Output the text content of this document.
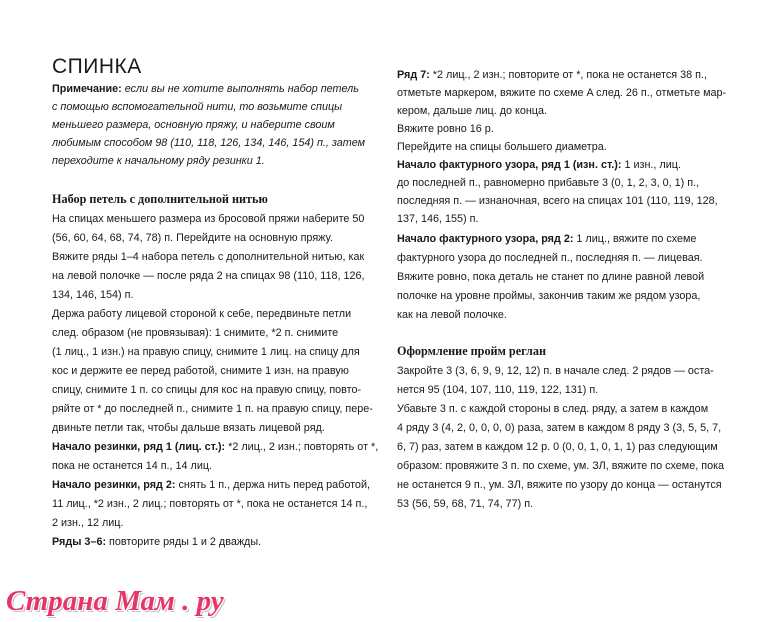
СПИНКА
Примечание: если вы не хотите выполнять набор петель
с помощью вспомогательной нити, то возьмите спицы
меньшего размера, основную пряжу, и наберите своим
любимым способом 98 (110, 118, 126, 134, 146, 154) п., затем
переходите к начальному ряду резинки 1.
Набор петель с дополнительной нитью
На спицах меньшего размера из бросовой пряжи наберите 50
(56, 60, 64, 68, 74, 78) п. Перейдите на основную пряжу.
Вяжите ряды 1–4 набора петель с дополнительной нитью, как
на левой полочке — после ряда 2 на спицах 98 (110, 118, 126,
134, 146, 154) п.
Держа работу лицевой стороной к себе, передвиньте петли
след. образом (не провязывая): 1 снимите, *2 п. снимите
(1 лиц., 1 изн.) на правую спицу, снимите 1 лиц. на спицу для
кос и держите ее перед работой, снимите 1 изн. на правую
спицу, снимите 1 п. со спицы для кос на правую спицу, повто-
ряйте от * до последней п., снимите 1 п. на правую спицу, пере-
двиньте петли так, чтобы дальше вязать лицевой ряд.
Начало резинки, ряд 1 (лиц. ст.): *2 лиц., 2 изн.; повторять от *,
пока не останется 14 п., 14 лиц.
Начало резинки, ряд 2: снять 1 п., держа нить перед работой,
11 лиц., *2 изн., 2 лиц.; повторять от *, пока не останется 14 п.,
2 изн., 12 лиц.
Ряды 3–6: повторите ряды 1 и 2 дважды.
Ряд 7: *2 лиц., 2 изн.; повторите от *, пока не останется 38 п.,
отметьте маркером, вяжите по схеме A след. 26 п., отметьте мар-
кером, дальше лиц. до конца.
Вяжите ровно 16 р.
Перейдите на спицы большего диаметра.
Начало фактурного узора, ряд 1 (изн. ст.): 1 изн., лиц.
до последней п., равномерно прибавьте 3 (0, 1, 2, 3, 0, 1) п.,
последняя п. — изнаночная, всего на спицах 101 (110, 119, 128,
137, 146, 155) п.
Начало фактурного узора, ряд 2: 1 лиц., вяжите по схеме
фактурного узора до последней п., последняя п. — лицевая.
Вяжите ровно, пока деталь не станет по длине равной левой
полочке на уровне проймы, закончив таким же рядом узора,
как на левой полочке.
Оформление пройм реглан
Закройте 3 (3, 6, 9, 9, 12, 12) п. в начале след. 2 рядов — оста-
нется 95 (104, 107, 110, 119, 122, 131) п.
Убавьте 3 п. с каждой стороны в след. ряду, а затем в каждом
4 ряду 3 (4, 2, 0, 0, 0, 0) раза, затем в каждом 8 ряду 3 (3, 5, 5, 7,
6, 7) раз, затем в каждом 12 р. 0 (0, 0, 1, 0, 1, 1) раз следующим
образом: провяжите 3 п. по схеме, ум. ЗЛ, вяжите по схеме, пока
не останется 9 п., ум. ЗЛ, вяжите по узору до конца — останутся
53 (56, 59, 68, 71, 74, 77) п.
Страна Мам . ру
